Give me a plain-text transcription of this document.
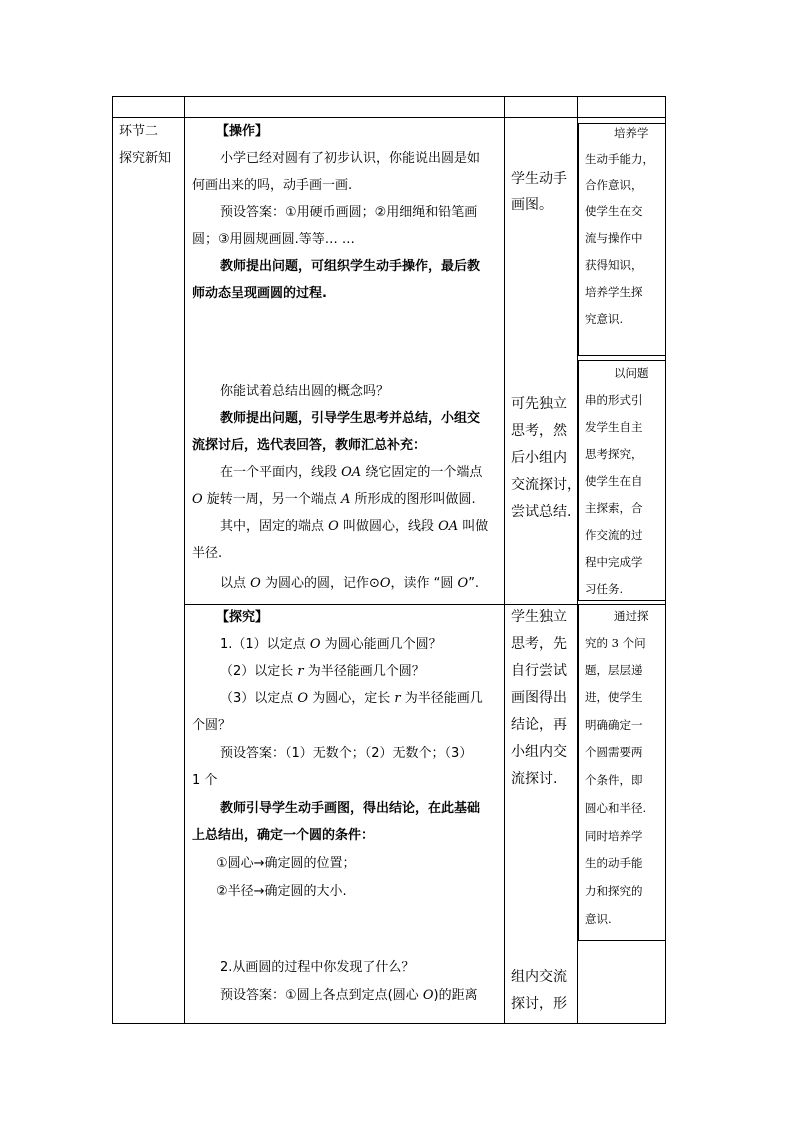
环节二
探究新知
【操作】
小学已经对圆有了初步认识，你能说出圆是如
何画出来的吗，动手画一画.
预设答案：①用硬币画圆；②用细绳和铅笔画
圆；③用圆规画圆.等等… …
教师提出问题，可组织学生动手操作，最后教
师动态呈现画圆的过程.
你能试着总结出圆的概念吗？
教师提出问题，引导学生思考并总结，小组交
流探讨后，选代表回答，教师汇总补充：
在一个平面内，线段 OA 绕它固定的一个端点
O 旋转一周，另一个端点 A 所形成的图形叫做圆.
其中，固定的端点 O 叫做圆心，线段 OA 叫做
半径.
以点 O 为圆心的圆，记作⊙O，读作 “圆 O”.
【探究】
1.（1）以定点 O 为圆心能画几个圆？
（2）以定长 r 为半径能画几个圆？
（3）以定点 O 为圆心，定长 r 为半径能画几
个圆？
预设答案：（1）无数个；（2）无数个；（3）
1 个
教师引导学生动手画图，得出结论，在此基础
上总结出，确定一个圆的条件：
①圆心→确定圆的位置；
②半径→确定圆的大小.
2.从画圆的过程中你发现了什么？
预设答案：①圆上各点到定点(圆心 O)的距离
学生动手
画图。
可先独立
思考，然
后小组内
交流探讨，
尝试总结.
学生独立
思考，先
自行尝试
画图得出
结论，再
小组内交
流探讨.
组内交流
探讨，形
培养学
生动手能力，
合作意识，
使学生在交
流与操作中
获得知识，
培养学生探
究意识.
以问题
串的形式引
发学生自主
思考探究，
使学生在自
主探索，合
作交流的过
程中完成学
习任务.
通过探
究的 3 个问
题，层层递
进，使学生
明确确定一
个圆需要两
个条件，即
圆心和半径.
同时培养学
生的动手能
力和探究的
意识.
